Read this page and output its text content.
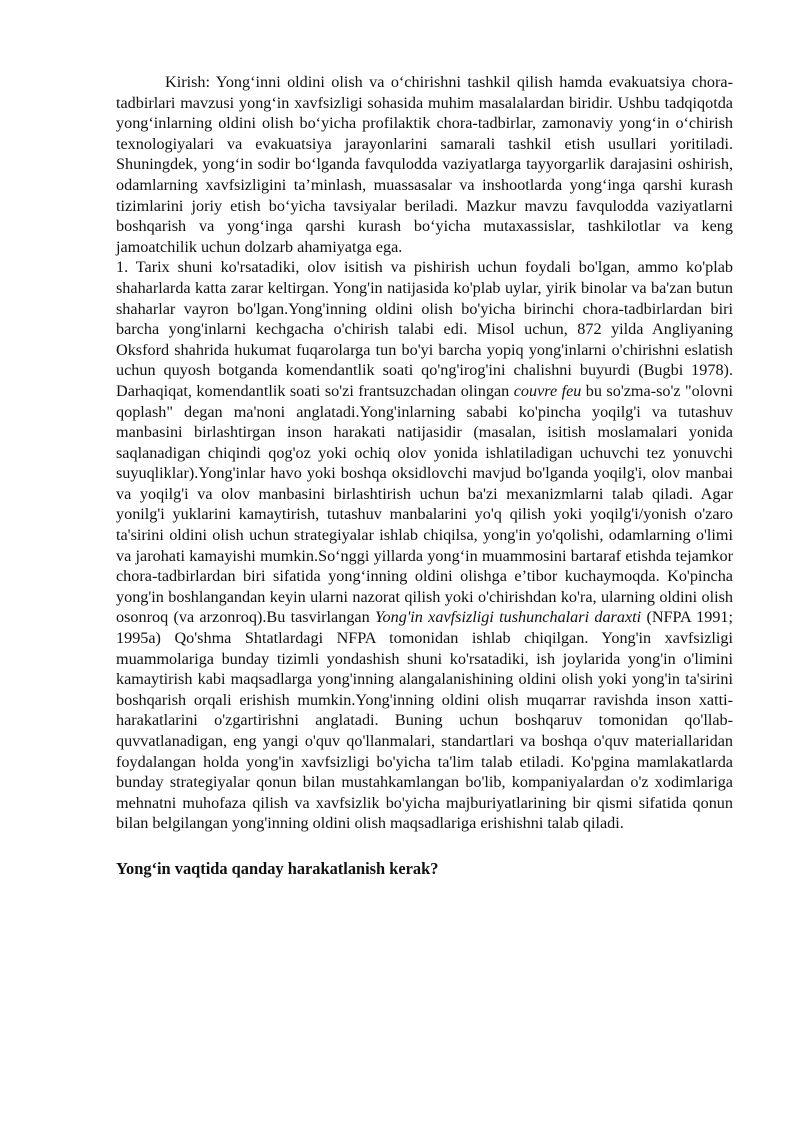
Kirish: Yong‘inni oldini olish va o‘chirishni tashkil qilish hamda evakuatsiya chora-tadbirlari mavzusi yong‘in xavfsizligi sohasida muhim masalalardan biridir. Ushbu tadqiqotda yong‘inlarning oldini olish bo‘yicha profilaktik chora-tadbirlar, zamonaviy yong‘in o‘chirish texnologiyalari va evakuatsiya jarayonlarini samarali tashkil etish usullari yoritiladi. Shuningdek, yong‘in sodir bo‘lganda favqulodda vaziyatlarga tayyorgarlik darajasini oshirish, odamlarning xavfsizligini ta’minlash, muassasalar va inshootlarda yong‘inga qarshi kurash tizimlarini joriy etish bo‘yicha tavsiyalar beriladi. Mazkur mavzu favqulodda vaziyatlarni boshqarish va yong‘inga qarshi kurash bo‘yicha mutaxassislar, tashkilotlar va keng jamoatchilik uchun dolzarb ahamiyatga ega.

1. Tarix shuni ko'rsatadiki, olov isitish va pishirish uchun foydali bo'lgan, ammo ko'plab shaharlarda katta zarar keltirgan. Yong'in natijasida ko'plab uylar, yirik binolar va ba'zan butun shaharlar vayron bo'lgan.Yong'inning oldini olish bo'yicha birinchi chora-tadbirlardan biri barcha yong'inlarni kechgacha o'chirish talabi edi. Misol uchun, 872 yilda Angliyaning Oksford shahrida hukumat fuqarolarga tun bo'yi barcha yopiq yong'inlarni o'chirishni eslatish uchun quyosh botganda komendantlik soati qo'ng'irog'ini chalishni buyurdi (Bugbi 1978). Darhaqiqat, komendantlik soati so'zi frantsuzchadan olingan couvre feu bu so'zma-so'z "olovni qoplash" degan ma'noni anglatadi.Yong'inlarning sababi ko'pincha yoqilg'i va tutashuv manbasini birlashtirgan inson harakati natijasidir (masalan, isitish moslamalari yonida saqlanadigan chiqindi qog'oz yoki ochiq olov yonida ishlatiladigan uchuvchi tez yonuvchi suyuqliklar).Yong'inlar havo yoki boshqa oksidlovchi mavjud bo'lganda yoqilg'i, olov manbai va yoqilg'i va olov manbasini birlashtirish uchun ba'zi mexanizmlarni talab qiladi. Agar yonilg'i yuklarini kamaytirish, tutashuv manbalarini yo'q qilish yoki yoqilg'i/yonish o'zaro ta'sirini oldini olish uchun strategiyalar ishlab chiqilsa, yong'in yo'qolishi, odamlarning o'limi va jarohati kamayishi mumkin.So‘nggi yillarda yong‘in muammosini bartaraf etishda tejamkor chora-tadbirlardan biri sifatida yong‘inning oldini olishga e’tibor kuchaymoqda. Ko'pincha yong'in boshlangandan keyin ularni nazorat qilish yoki o'chirishdan ko'ra, ularning oldini olish osonroq (va arzonroq).Bu tasvirlangan Yong'in xavfsizligi tushunchalari daraxti (NFPA 1991; 1995a) Qo'shma Shtatlardagi NFPA tomonidan ishlab chiqilgan. Yong'in xavfsizligi muammolariga bunday tizimli yondashish shuni ko'rsatadiki, ish joylarida yong'in o'limini kamaytirish kabi maqsadlarga yong'inning alangalanishining oldini olish yoki yong'in ta'sirini boshqarish orqali erishish mumkin.Yong'inning oldini olish muqarrar ravishda inson xatti-harakatlarini o'zgartirishni anglatadi. Buning uchun boshqaruv tomonidan qo'llab-quvvatlanadigan, eng yangi o'quv qo'llanmalari, standartlari va boshqa o'quv materiallaridan foydalangan holda yong'in xavfsizligi bo'yicha ta'lim talab etiladi. Ko'pgina mamlakatlarda bunday strategiyalar qonun bilan mustahkamlangan bo'lib, kompaniyalardan o'z xodimlariga mehnatni muhofaza qilish va xavfsizlik bo'yicha majburiyatlarining bir qismi sifatida qonun bilan belgilangan yong'inning oldini olish maqsadlariga erishishni talab qiladi.

Yong‘in vaqtida qanday harakatlanish kerak?
